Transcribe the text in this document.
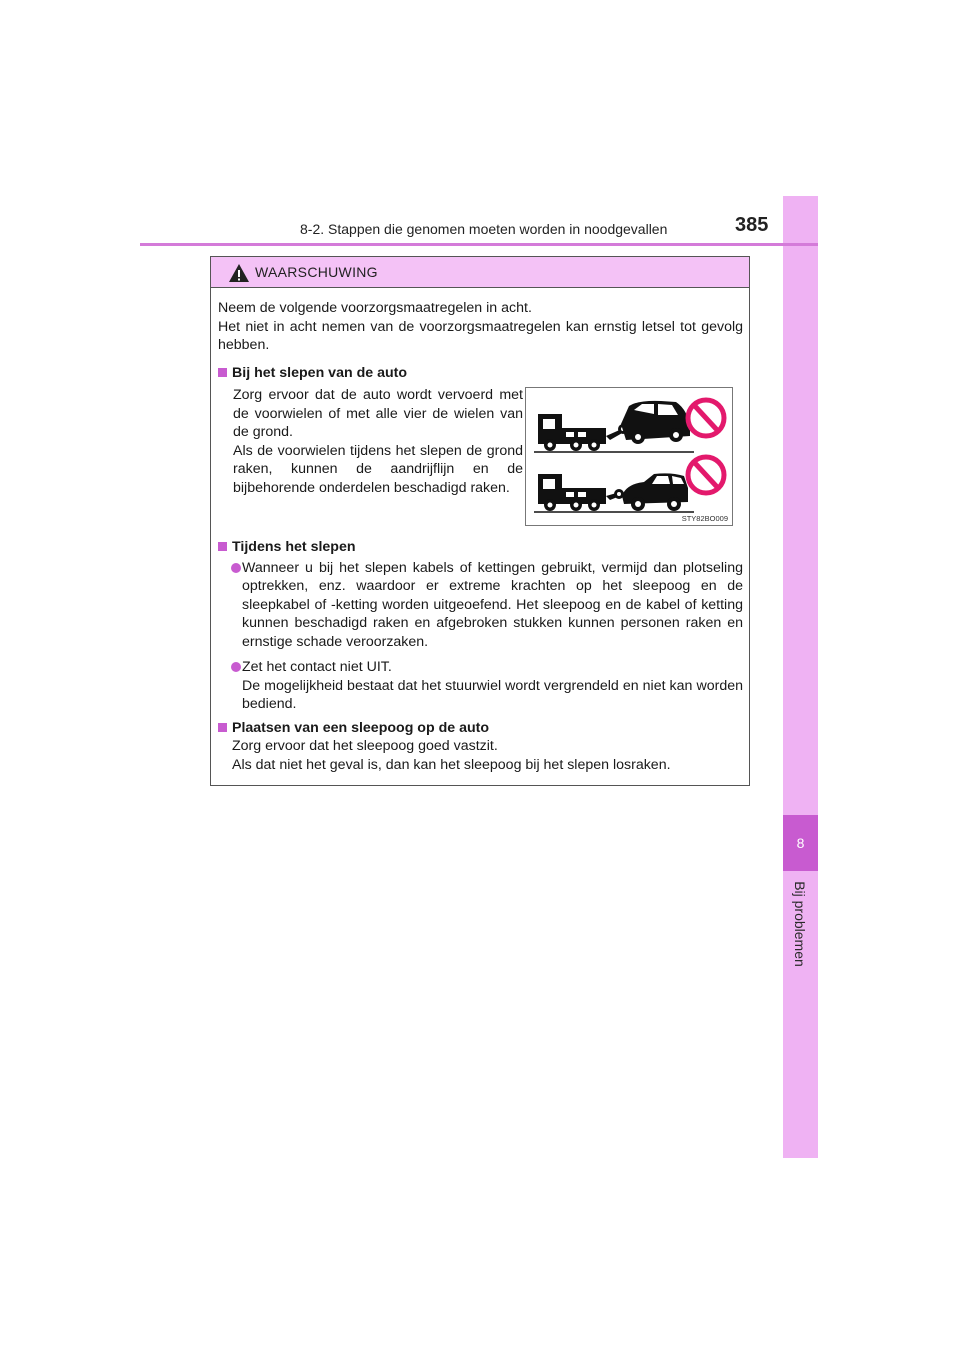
8
Bij problemen
8-2. Stappen die genomen moeten worden in noodgevallen	385
WAARSCHUWING

Neem de volgende voorzorgsmaatregelen in acht.

Het niet in acht nemen van de voorzorgsmaatregelen kan ernstig letsel tot gevolg hebben.

Bij het slepen van de auto

Zorg ervoor dat de auto wordt vervoerd met de voorwielen of met alle vier de wielen van de grond.

Als de voorwielen tijdens het slepen de grond raken, kunnen de aandrijflijn en de bijbehorende onderdelen beschadigd raken.

Tijdens het slepen
Wanneer u bij het slepen kabels of kettingen gebruikt, vermijd dan plotseling optrekken, enz. waardoor er extreme krachten op het sleepoog en de sleepkabel of -ketting worden uitgeoefend. Het sleepoog en de kabel of ketting kunnen beschadigd raken en afgebroken stukken kunnen personen raken en ernstige schade veroorzaken.
Zet het contact niet UIT.
De mogelijkheid bestaat dat het stuurwiel wordt vergrendeld en niet kan worden bediend.
Plaatsen van een sleepoog op de auto

Zorg ervoor dat het sleepoog goed vastzit.

Als dat niet het geval is, dan kan het sleepoog bij het slepen losraken.

STY82BO009
